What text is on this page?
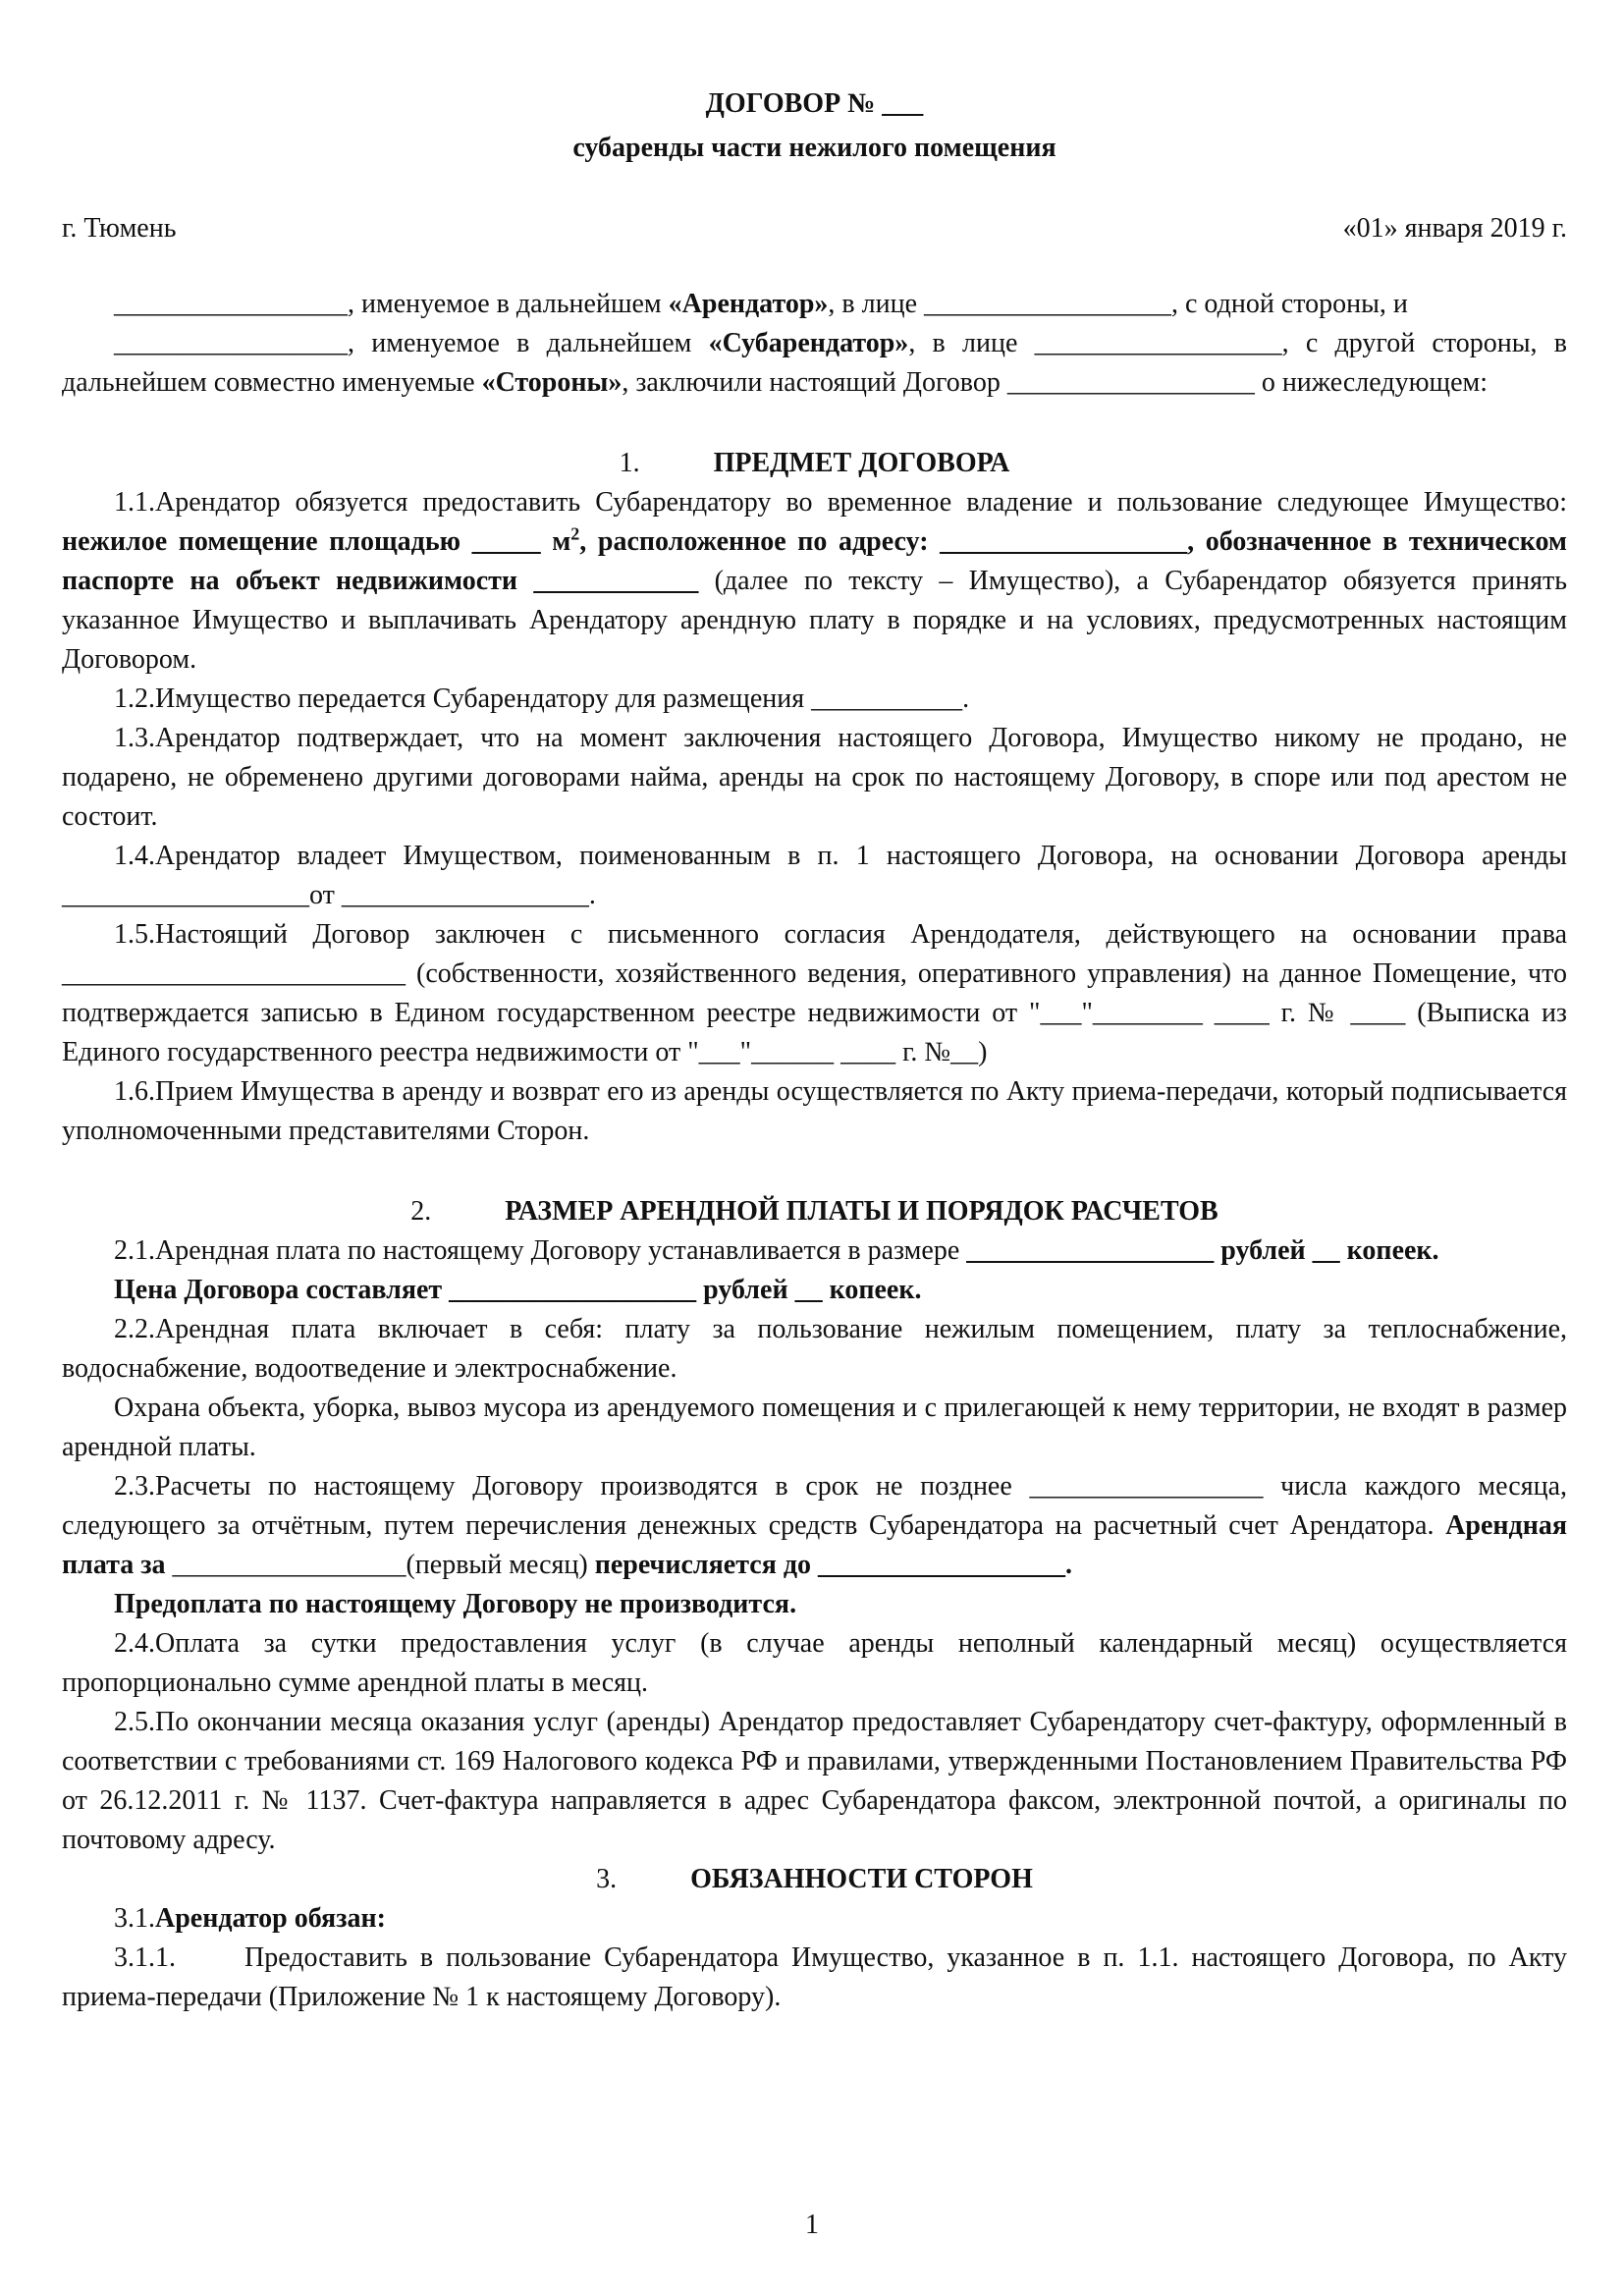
ДОГОВОР № ___
субаренды части нежилого помещения
г. Тюмень	«01» января 2019 г.

_________________, именуемое в дальнейшем «Арендатор», в лице __________________, с одной стороны, и

_________________, именуемое в дальнейшем «Субарендатор», в лице __________________, с другой стороны, в дальнейшем совместно именуемые «Стороны», заключили настоящий Договор __________________ о нижеследующем:

1.	ПРЕДМЕТ ДОГОВОРА

1.1.Арендатор обязуется предоставить Субарендатору во временное владение и пользование следующее Имущество: нежилое помещение площадью _____ $м^2$, расположенное по адресу: __________________, обозначенное в техническом паспорте на объект недвижимости ____________ (далее по тексту – Имущество), а Субарендатор обязуется принять указанное Имущество и выплачивать Арендатору арендную плату в порядке и на условиях, предусмотренных настоящим Договором.

1.2.Имущество передается Субарендатору для размещения ___________.

1.3.Арендатор подтверждает, что на момент заключения настоящего Договора, Имущество никому не продано, не подарено, не обременено другими договорами найма, аренды на срок по настоящему Договору, в споре или под арестом не состоит.

1.4.Арендатор владеет Имуществом, поименованным в п. 1 настоящего Договора, на основании Договора аренды __________________от __________________.

1.5.Настоящий Договор заключен с письменного согласия Арендодателя, действующего на основании права _________________________ (собственности, хозяйственного ведения, оперативного управления) на данное Помещение, что подтверждается записью в Едином государственном реестре недвижимости от "___"________ ____ г. № ____ (Выписка из Единого государственного реестра недвижимости от "___"______ ____ г. №__)

1.6.Прием Имущества в аренду и возврат его из аренды осуществляется по Акту приема-передачи, который подписывается уполномоченными представителями Сторон.

2.	РАЗМЕР АРЕНДНОЙ ПЛАТЫ И ПОРЯДОК РАСЧЕТОВ

2.1.Арендная плата по настоящему Договору устанавливается в размере __________________ рублей __ копеек.

Цена Договора составляет __________________ рублей __ копеек.

2.2.Арендная плата включает в себя: плату за пользование нежилым помещением, плату за теплоснабжение, водоснабжение, водоотведение и электроснабжение.

Охрана объекта, уборка, вывоз мусора из арендуемого помещения и с прилегающей к нему территории, не входят в размер арендной платы.

2.3.Расчеты по настоящему Договору производятся в срок не позднее _________________ числа каждого месяца, следующего за отчётным, путем перечисления денежных средств Субарендатора на расчетный счет Арендатора. Арендная плата за _________________(первый месяц) перечисляется до __________________.

Предоплата по настоящему Договору не производится.

2.4.Оплата за сутки предоставления услуг (в случае аренды неполный календарный месяц) осуществляется пропорционально сумме арендной платы в месяц.

2.5.По окончании месяца оказания услуг (аренды) Арендатор предоставляет Субарендатору счет-фактуру, оформленный в соответствии с требованиями ст. 169 Налогового кодекса РФ и правилами, утвержденными Постановлением Правительства РФ от 26.12.2011 г. № 1137. Счет-фактура направляется в адрес Субарендатора факсом, электронной почтой, а оригиналы по почтовому адресу.

3.	ОБЯЗАННОСТИ СТОРОН

3.1.Арендатор обязан:

3.1.1.	Предоставить в пользование Субарендатора Имущество, указанное в п. 1.1. настоящего Договора, по Акту приема-передачи (Приложение № 1 к настоящему Договору).

1
